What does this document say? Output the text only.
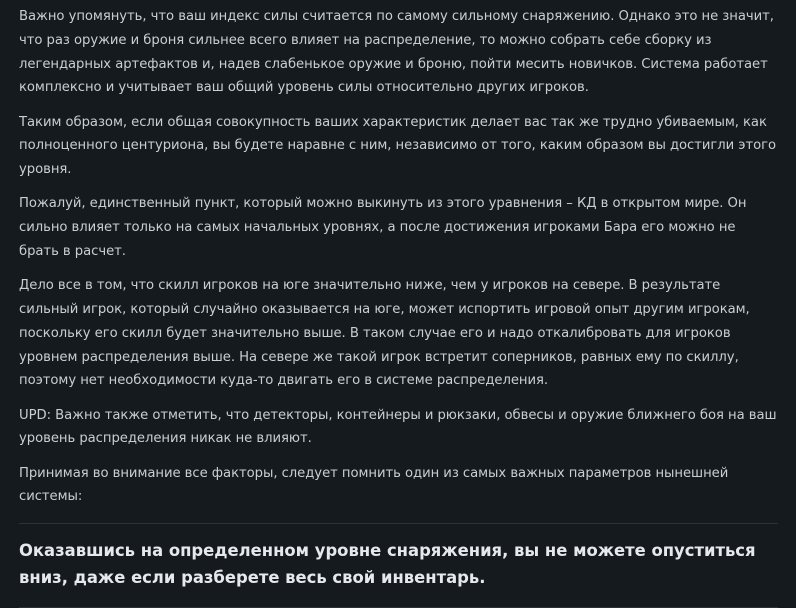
Важно упомянуть, что ваш индекс силы считается по самому сильному снаряжению. Однако это не значит, что раз оружие и броня сильнее всего влияет на распределение, то можно собрать себе сборку из легендарных артефактов и, надев слабенькое оружие и броню, пойти месить новичков. Система работает комплексно и учитывает ваш общий уровень силы относительно других игроков.

Таким образом, если общая совокупность ваших характеристик делает вас так же трудно убиваемым, как полноценного центуриона, вы будете наравне с ним, независимо от того, каким образом вы достигли этого уровня.

Пожалуй, единственный пункт, который можно выкинуть из этого уравнения – КД в открытом мире. Он сильно влияет только на самых начальных уровнях, а после достижения игроками Бара его можно не брать в расчет.

Дело все в том, что скилл игроков на юге значительно ниже, чем у игроков на севере. В результате сильный игрок, который случайно оказывается на юге, может испортить игровой опыт другим игрокам, поскольку его скилл будет значительно выше. В таком случае его и надо откалибровать для игроков уровнем распределения выше. На севере же такой игрок встретит соперников, равных ему по скиллу, поэтому нет необходимости куда-то двигать его в системе распределения.

UPD: Важно также отметить, что детекторы, контейнеры и рюкзаки, обвесы и оружие ближнего боя на ваш уровень распределения никак не влияют.

Принимая во внимание все факторы, следует помнить один из самых важных параметров нынешней системы:

Оказавшись на определенном уровне снаряжения, вы не можете опуститься вниз, даже если разберете весь свой инвентарь.
